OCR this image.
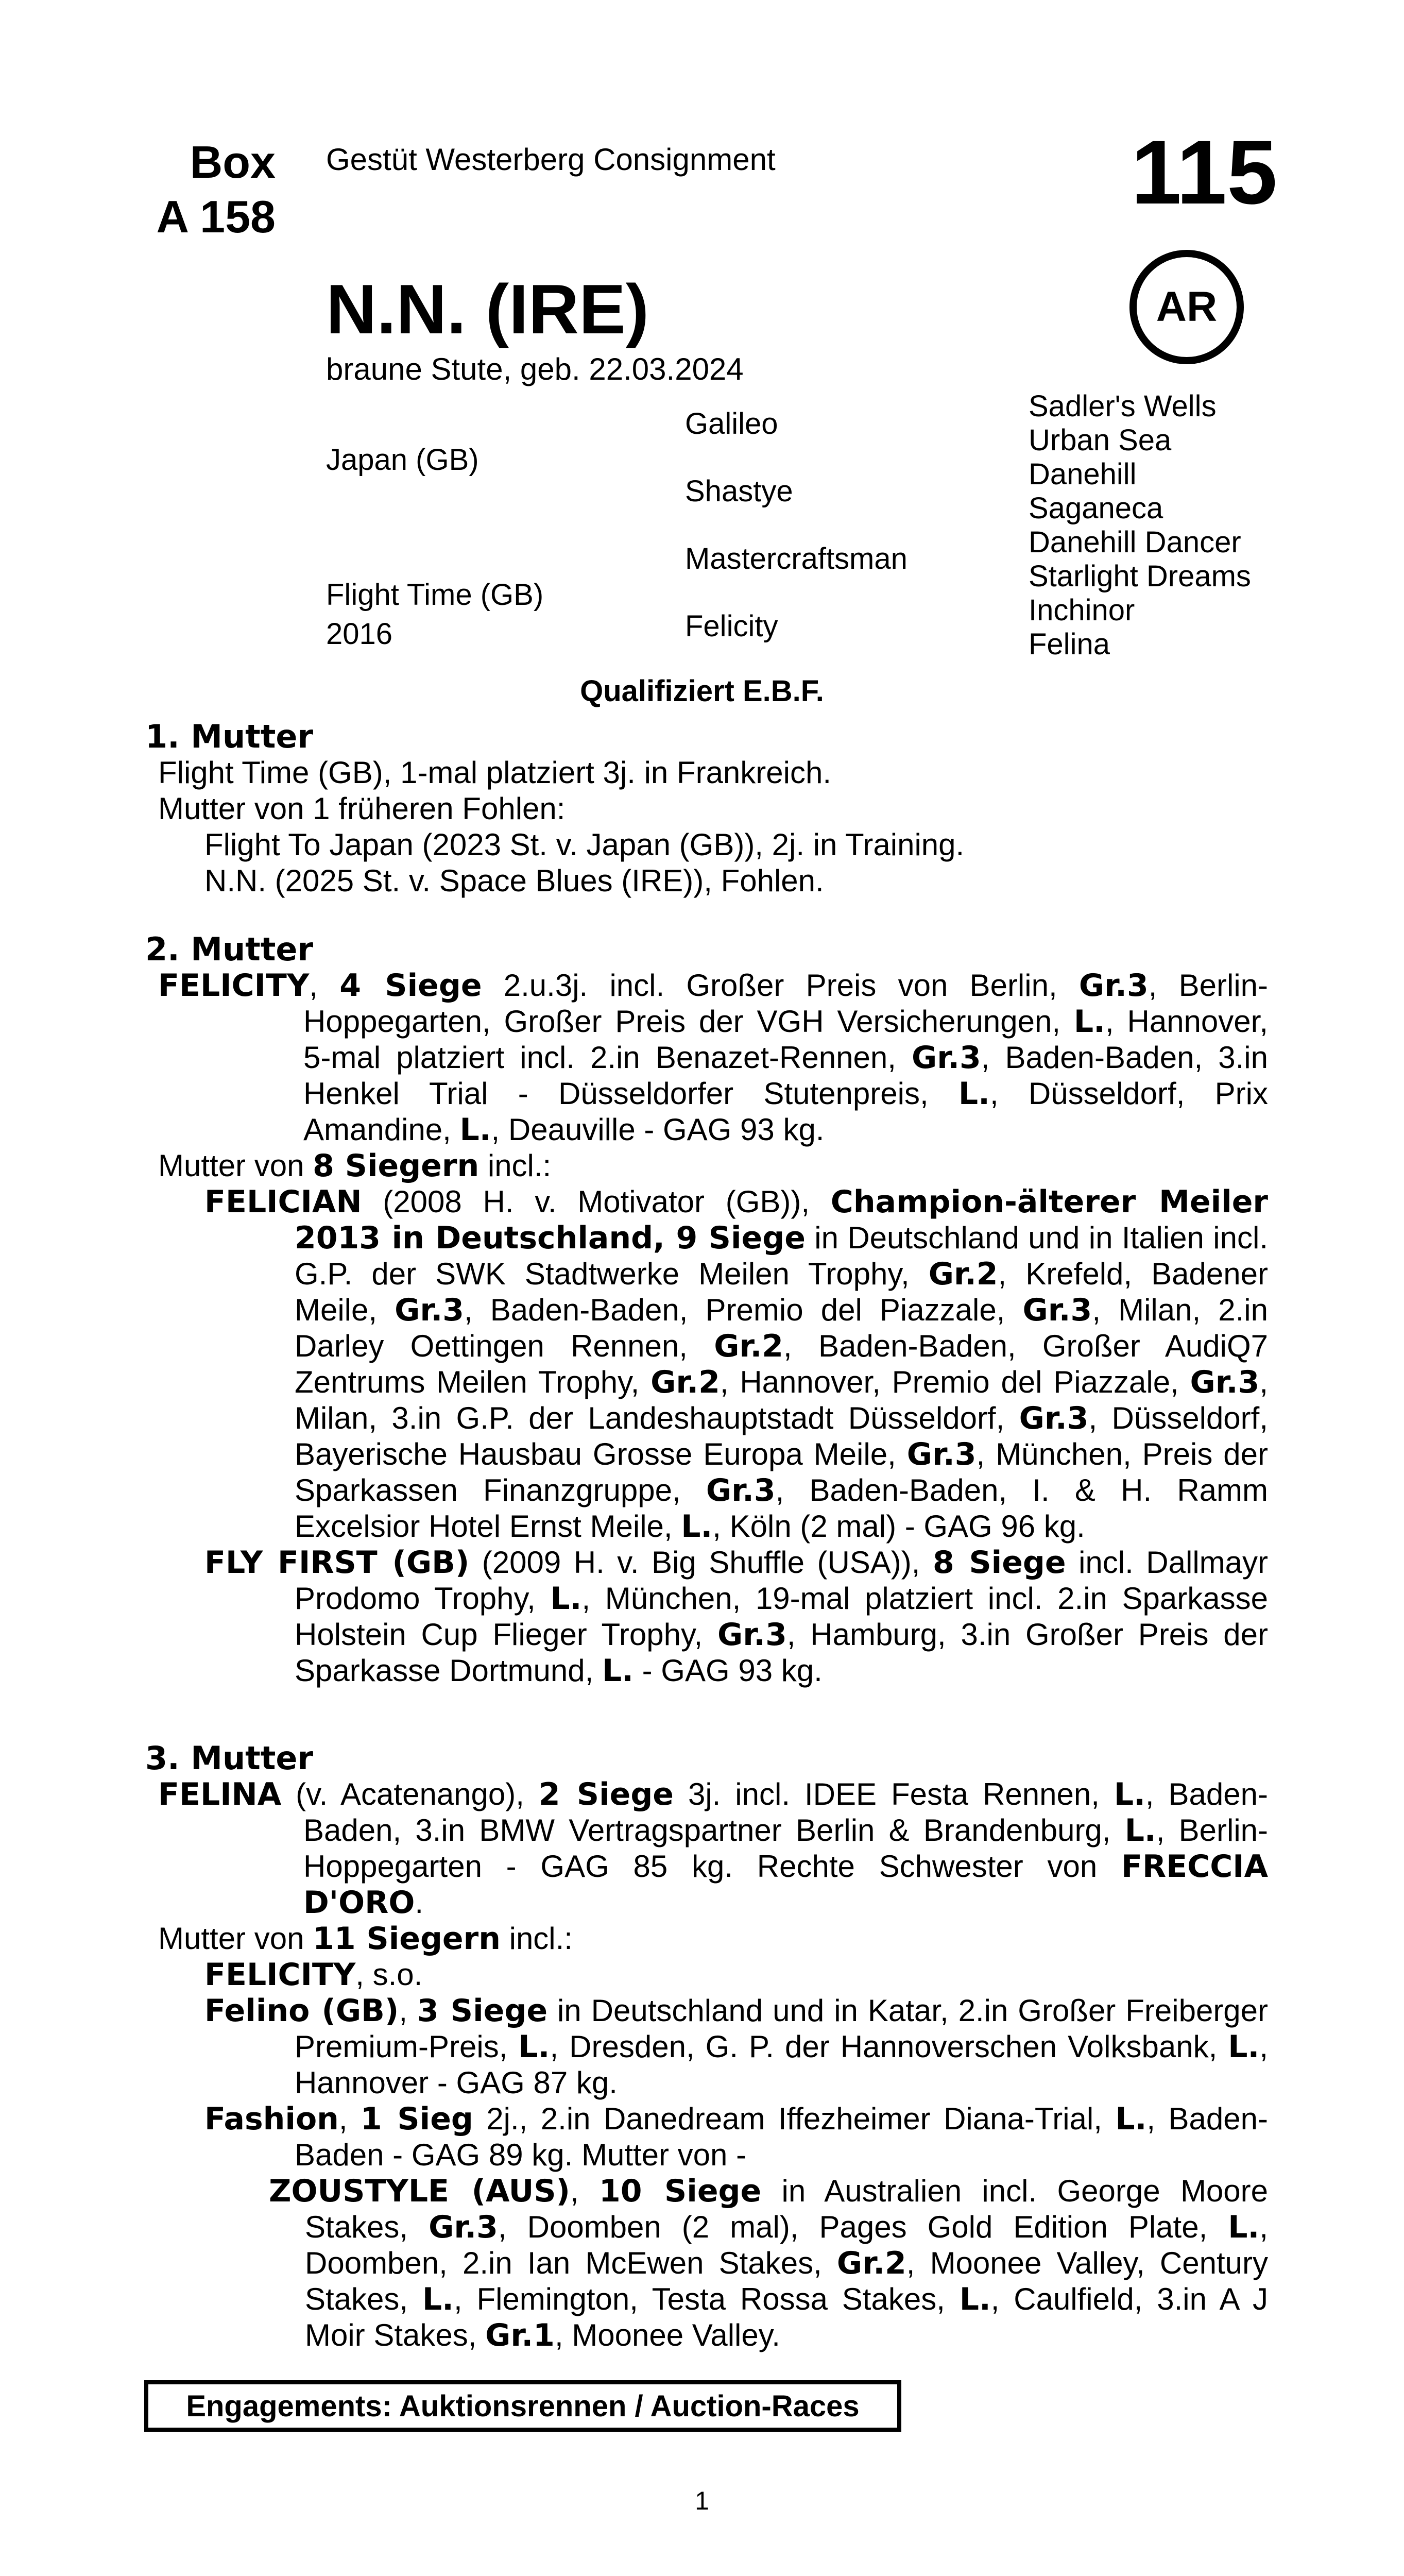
Box
A 158
Gestüt Westerberg Consignment	115
N.N. (IRE)	AR
braune Stute, geb. 22.03.2024
Japan (GB)
Flight Time (GB)
2016
Galileo
Shastye
Mastercraftsman
Felicity
Sadler's Wells
Urban Sea
Danehill
Saganeca
Danehill Dancer
Starlight Dreams
Inchinor
Felina
Qualifiziert E.B.F.
1. Mutter
Flight Time (GB), 1-mal platziert 3j. in Frankreich.
Mutter von 1 früheren Fohlen:
Flight To Japan (2023 St. v. Japan (GB)), 2j. in Training.
N.N. (2025 St. v. Space Blues (IRE)), Fohlen.
2. Mutter
FELICITY, 4 Siege 2.u.3j. incl. Großer Preis von Berlin, Gr.3, Berlin-Hoppegarten, Großer Preis der VGH Versicherungen, L., Hannover, 5-mal platziert incl. 2.in Benazet-Rennen, Gr.3, Baden-Baden, 3.in Henkel Trial - Düsseldorfer Stutenpreis, L., Düsseldorf, Prix Amandine, L., Deauville - GAG 93 kg.
Mutter von 8 Siegern incl.:
FELICIAN (2008 H. v. Motivator (GB)), Champion-älterer Meiler 2013 in Deutschland, 9 Siege in Deutschland und in Italien incl. G.P. der SWK Stadtwerke Meilen Trophy, Gr.2, Krefeld, Badener Meile, Gr.3, Baden-Baden, Premio del Piazzale, Gr.3, Milan, 2.in Darley Oettingen Rennen, Gr.2, Baden-Baden, Großer AudiQ7 Zentrums Meilen Trophy, Gr.2, Hannover, Premio del Piazzale, Gr.3, Milan, 3.in G.P. der Landeshauptstadt Düsseldorf, Gr.3, Düsseldorf, Bayerische Hausbau Grosse Europa Meile, Gr.3, München, Preis der Sparkassen Finanzgruppe, Gr.3, Baden-Baden, I. & H. Ramm Excelsior Hotel Ernst Meile, L., Köln (2 mal) - GAG 96 kg.
FLY FIRST (GB) (2009 H. v. Big Shuffle (USA)), 8 Siege incl. Dallmayr Prodomo Trophy, L., München, 19-mal platziert incl. 2.in Sparkasse Holstein Cup Flieger Trophy, Gr.3, Hamburg, 3.in Großer Preis der Sparkasse Dortmund, L. - GAG 93 kg.
3. Mutter
FELINA (v. Acatenango), 2 Siege 3j. incl. IDEE Festa Rennen, L., Baden-Baden, 3.in BMW Vertragspartner Berlin & Brandenburg, L., Berlin-Hoppegarten - GAG 85 kg. Rechte Schwester von FRECCIA D'ORO.
Mutter von 11 Siegern incl.:
FELICITY, s.o.
Felino (GB), 3 Siege in Deutschland und in Katar, 2.in Großer Freiberger Premium-Preis, L., Dresden, G. P. der Hannoverschen Volksbank, L., Hannover - GAG 87 kg.
Fashion, 1 Sieg 2j., 2.in Danedream Iffezheimer Diana-Trial, L., Baden-Baden - GAG 89 kg. Mutter von -
ZOUSTYLE (AUS), 10 Siege in Australien incl. George Moore Stakes, Gr.3, Doomben (2 mal), Pages Gold Edition Plate, L., Doomben, 2.in Ian McEwen Stakes, Gr.2, Moonee Valley, Century Stakes, L., Flemington, Testa Rossa Stakes, L., Caulfield, 3.in A J Moir Stakes, Gr.1, Moonee Valley.
Engagements: Auktionsrennen / Auction-Races
1
